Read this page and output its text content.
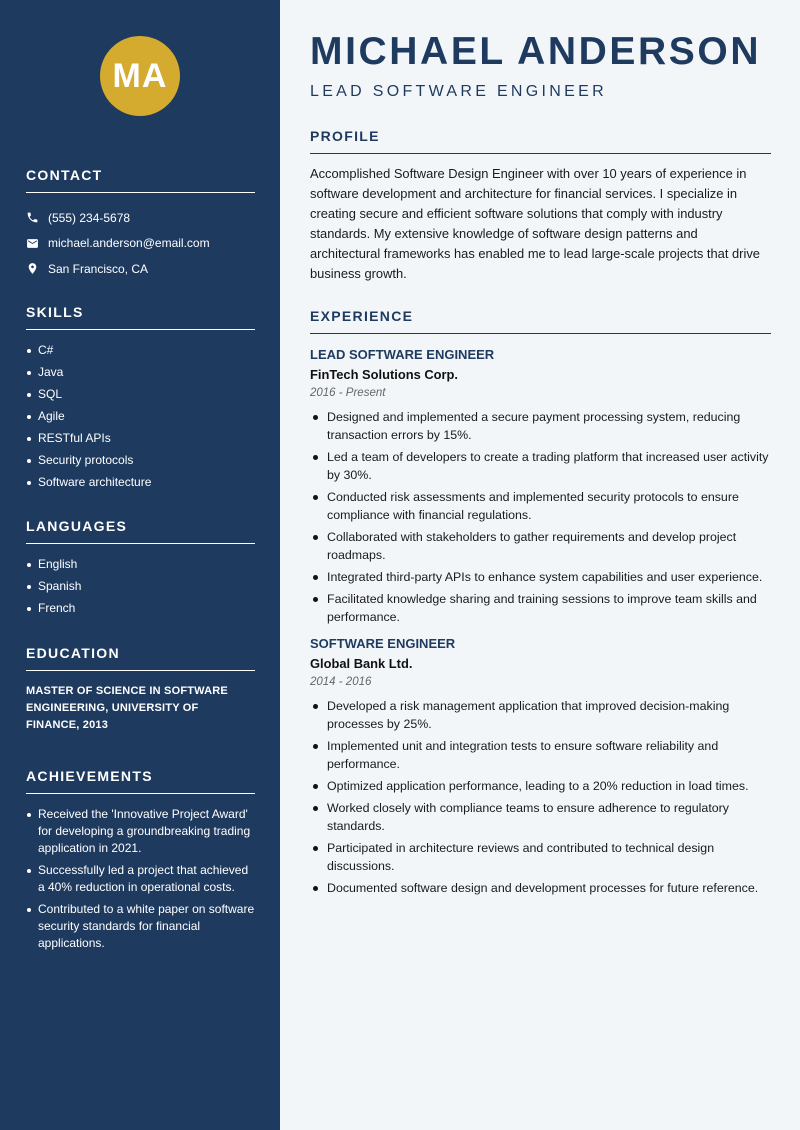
MA
CONTACT
(555) 234-5678
michael.anderson@email.com
San Francisco, CA
SKILLS
C#
Java
SQL
Agile
RESTful APIs
Security protocols
Software architecture
LANGUAGES
English
Spanish
French
EDUCATION
MASTER OF SCIENCE IN SOFTWARE ENGINEERING, UNIVERSITY OF FINANCE, 2013
ACHIEVEMENTS
Received the 'Innovative Project Award' for developing a groundbreaking trading application in 2021.
Successfully led a project that achieved a 40% reduction in operational costs.
Contributed to a white paper on software security standards for financial applications.
MICHAEL ANDERSON
LEAD SOFTWARE ENGINEER
PROFILE

Accomplished Software Design Engineer with over 10 years of experience in software development and architecture for financial services. I specialize in creating secure and efficient software solutions that comply with industry standards. My extensive knowledge of software design patterns and architectural frameworks has enabled me to lead large-scale projects that drive business growth.

EXPERIENCE
LEAD SOFTWARE ENGINEER
FinTech Solutions Corp.
2016 - Present
Designed and implemented a secure payment processing system, reducing transaction errors by 15%.
Led a team of developers to create a trading platform that increased user activity by 30%.
Conducted risk assessments and implemented security protocols to ensure compliance with financial regulations.
Collaborated with stakeholders to gather requirements and develop project roadmaps.
Integrated third-party APIs to enhance system capabilities and user experience.
Facilitated knowledge sharing and training sessions to improve team skills and performance.
SOFTWARE ENGINEER
Global Bank Ltd.
2014 - 2016
Developed a risk management application that improved decision-making processes by 25%.
Implemented unit and integration tests to ensure software reliability and performance.
Optimized application performance, leading to a 20% reduction in load times.
Worked closely with compliance teams to ensure adherence to regulatory standards.
Participated in architecture reviews and contributed to technical design discussions.
Documented software design and development processes for future reference.
